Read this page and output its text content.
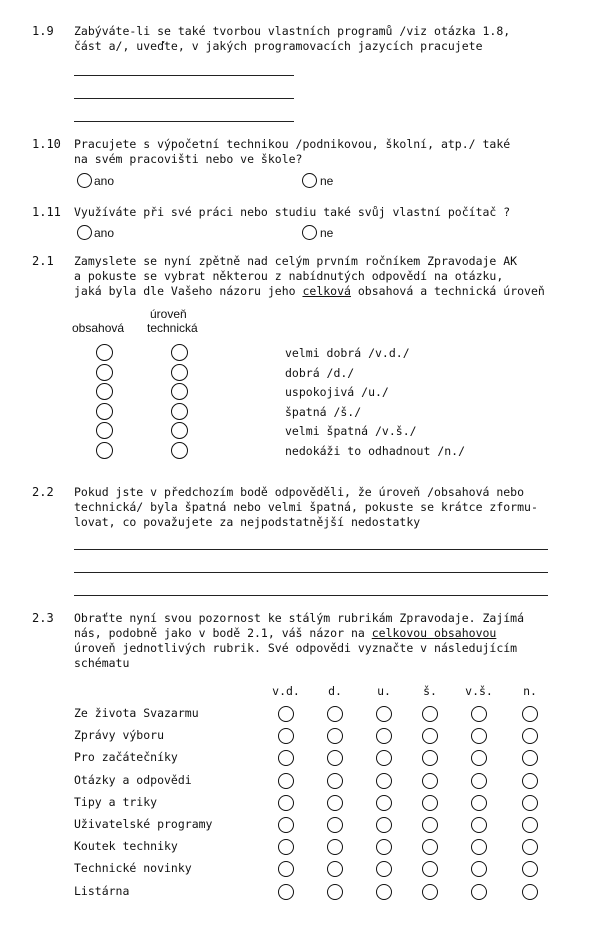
1.9 Zabýváte-li se také tvorbou vlastních programů /viz otázka 1.8,
část a/, uveďte, v jakých programovacích jazycích pracujete
1.10 Pracujete s výpočetní technikou /podnikovou, školní, atp./ také
na svém pracovišti nebo ve škole?
ano	ne
1.11 Využíváte při své práci nebo studiu také svůj vlastní počítač ?
ano	ne
2.1 Zamyslete se nyní zpětně nad celým prvním ročníkem Zpravodaje AK
a pokuste se vybrat některou z nabídnutých odpovědí na otázku,
jaká byla dle Vašeho názoru jeho celková obsahová a technická úroveň
úroveň
obsahová technická
velmi dobrá /v.d./
dobrá /d./
uspokojivá /u./
špatná /š./
velmi špatná /v.š./
nedokáži to odhadnout /n./
2.2 Pokud jste v předchozím bodě odpověděli, že úroveň /obsahová nebo
technická/ byla špatná nebo velmi špatná, pokuste se krátce zformu-
lovat, co považujete za nejpodstatnější nedostatky
2.3 Obraťte nyní svou pozornost ke stálým rubrikám Zpravodaje. Zajímá
nás, podobně jako v bodě 2.1, váš názor na celkovou obsahovou
úroveň jednotlivých rubrik. Své odpovědi vyznačte v následujícím
schématu
v.d.	d.	u.	š.	v.š.	n.
Ze života Svazarmu
Zprávy výboru
Pro začátečníky
Otázky a odpovědi
Tipy a triky
Uživatelské programy
Koutek techniky
Technické novinky
Listárna
